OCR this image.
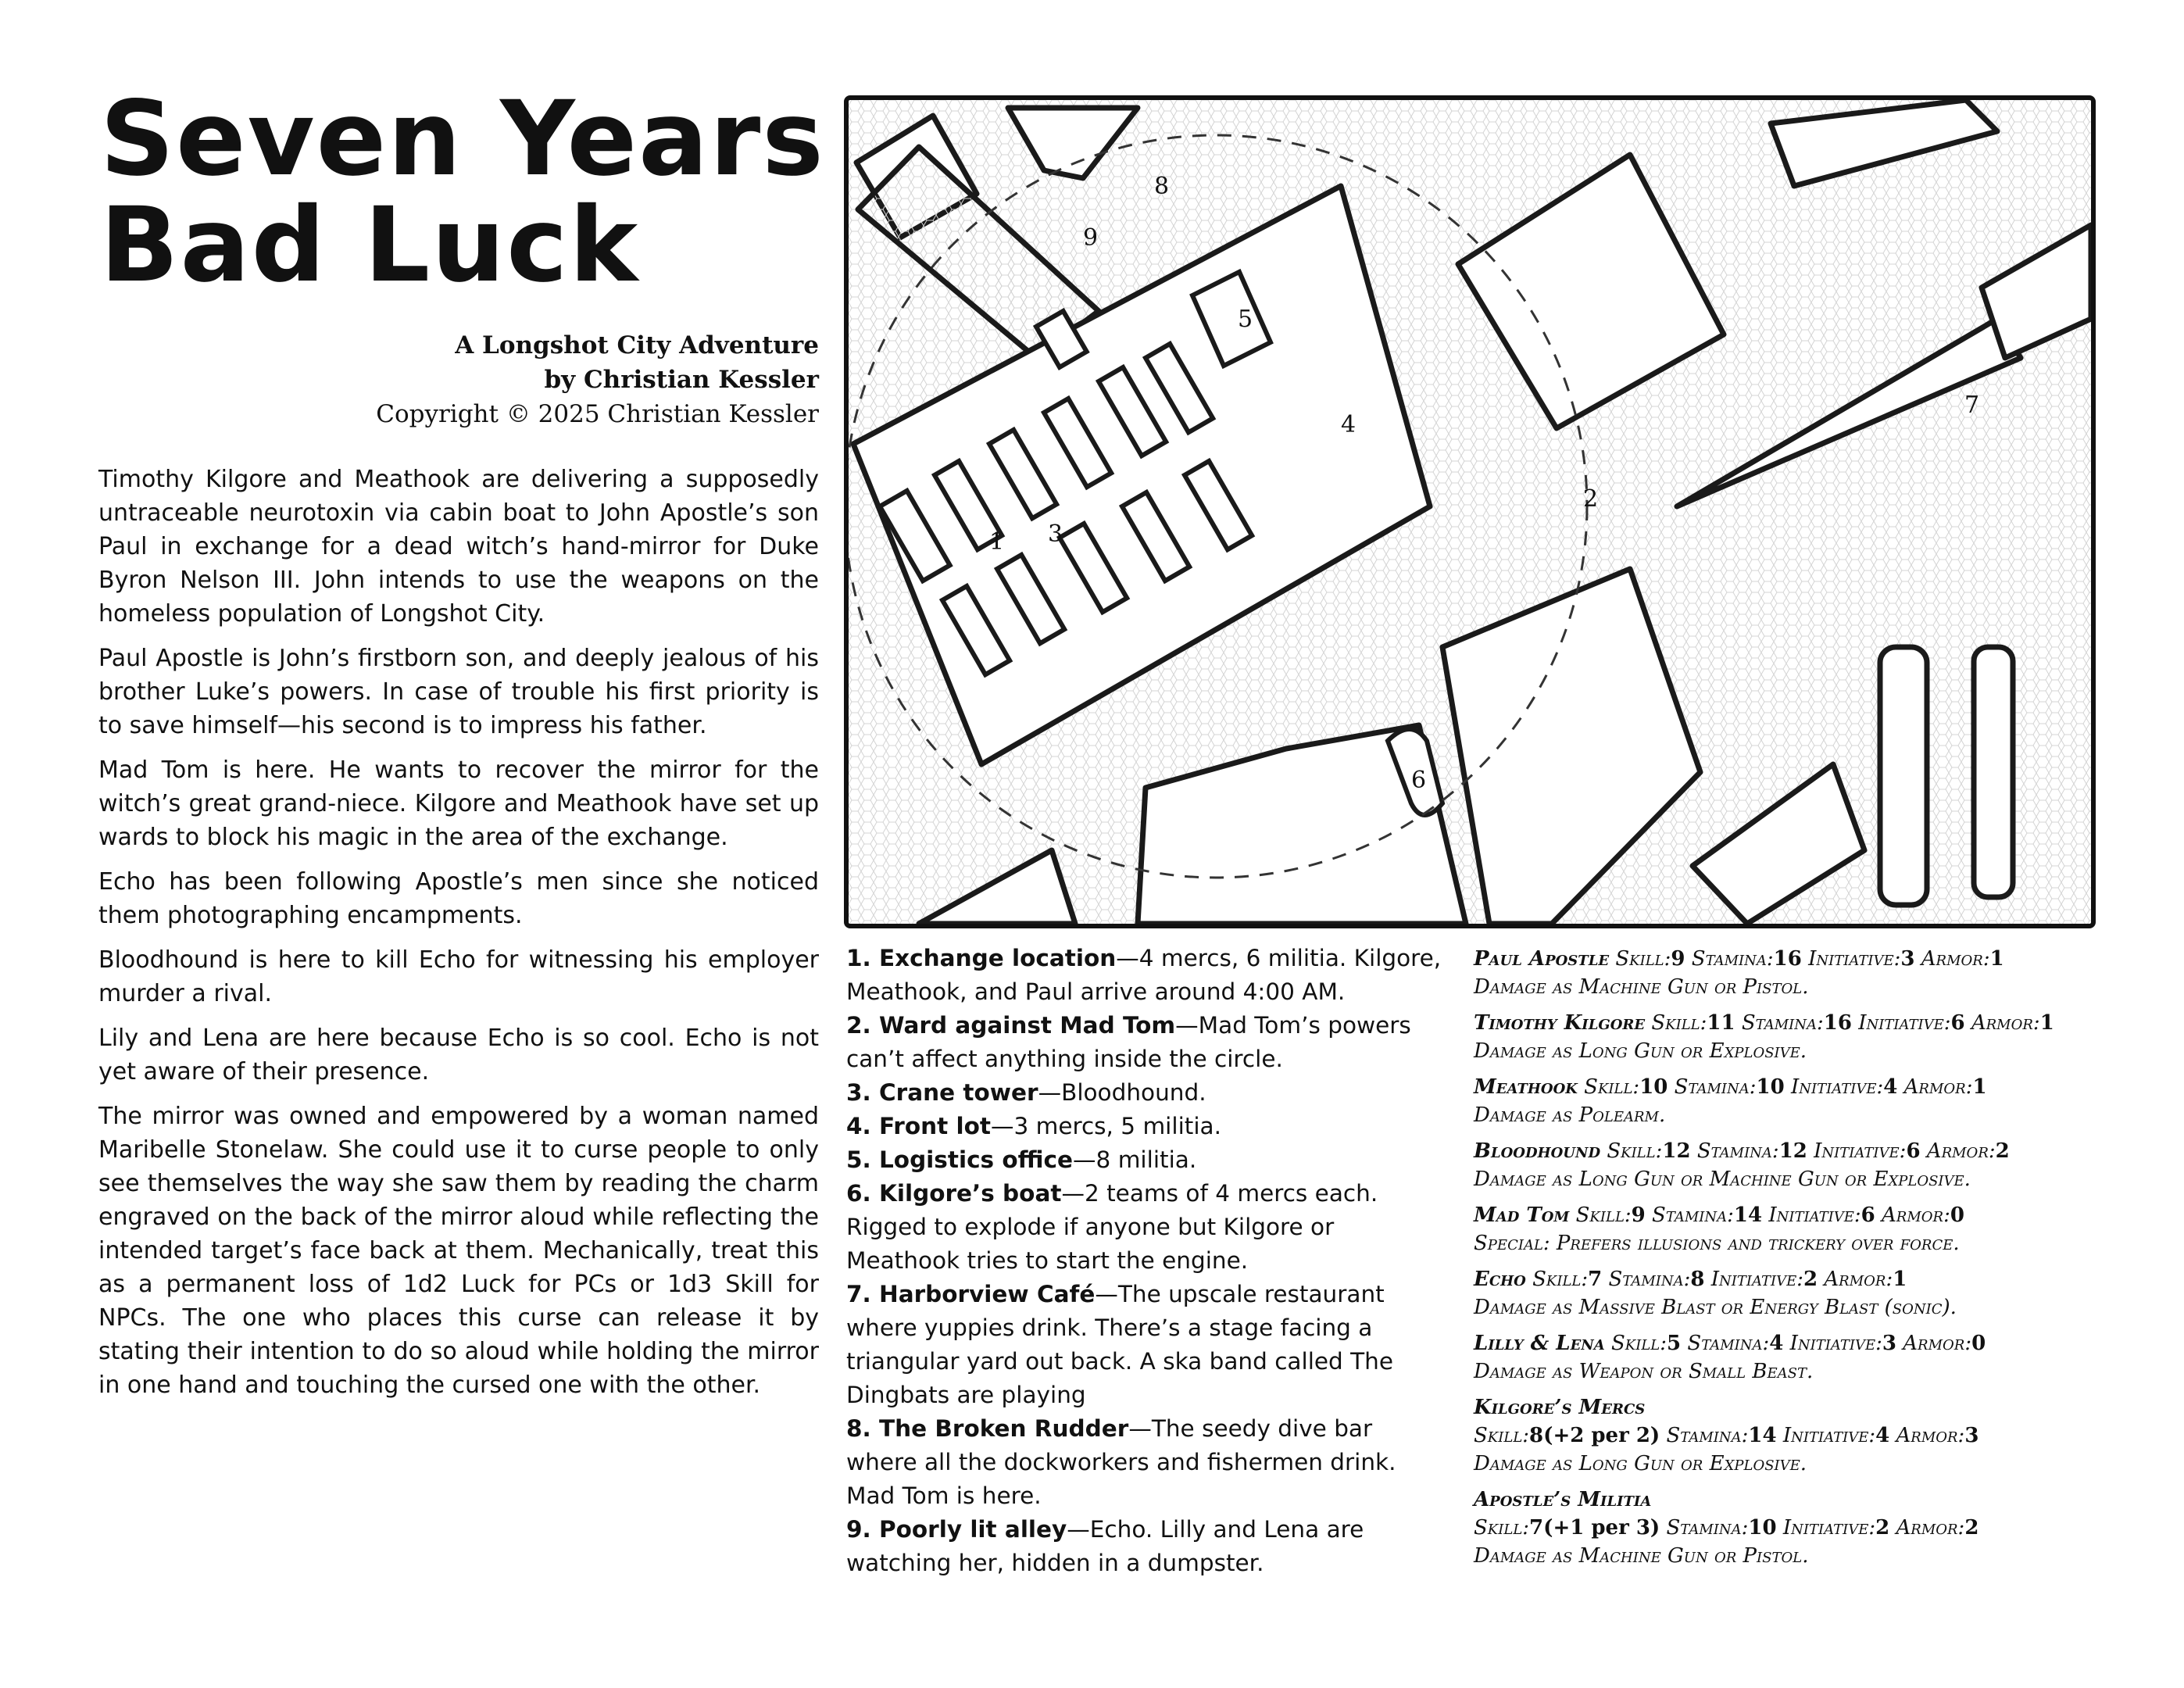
Seven Years
Bad Luck
A Longshot City Adventure
by Christian Kessler
Copyright © 2025 Christian Kessler

Timothy Kilgore and Meathook are delivering a supposedly untraceable neurotoxin via cabin boat to John Apostle’s son Paul in exchange for a dead witch’s hand-mirror for Duke Byron Nelson III. John intends to use the weapons on the homeless population of Longshot City.

Paul Apostle is John’s firstborn son, and deeply jealous of his brother Luke’s powers. In case of trouble his first priority is to save himself—his second is to impress his father.

Mad Tom is here. He wants to recover the mirror for the witch’s great grand-niece. Kilgore and Meathook have set up wards to block his magic in the area of the exchange.

Echo has been following Apostle’s men since she noticed them photographing encampments.

Bloodhound is here to kill Echo for witnessing his employer murder a rival.

Lily and Lena are here because Echo is so cool. Echo is not yet aware of their presence.

The mirror was owned and empowered by a woman named Maribelle Stonelaw. She could use it to curse people to only see themselves the way she saw them by reading the charm engraved on the back of the mirror aloud while reflecting the intended target’s face back at them. Mechanically, treat this as a permanent loss of 1d2 Luck for PCs or 1d3 Skill for NPCs. The one who places this curse can release it by stating their intention to do so aloud while holding the mirror in one hand and touching the cursed one with the other.

1
2
3
4
5
6
7
8
9
1. Exchange location—4 mercs, 6 militia. Kilgore, Meathook, and Paul arrive around 4:00 AM.
2. Ward against Mad Tom—Mad Tom’s powers can’t affect anything inside the circle.
3. Crane tower—Bloodhound.
4. Front lot—3 mercs, 5 militia.
5. Logistics office—8 militia.
6. Kilgore’s boat—2 teams of 4 mercs each. Rigged to explode if anyone but Kilgore or Meathook tries to start the engine.
7. Harborview Café—The upscale restaurant where yuppies drink. There’s a stage facing a triangular yard out back. A ska band called The Dingbats are playing
8. The Broken Rudder—The seedy dive bar where all the dockworkers and fishermen drink. Mad Tom is here.
9. Poorly lit alley—Echo. Lilly and Lena are watching her, hidden in a dumpster.
Paul Apostle Skill:9 Stamina:16 Initiative:3 Armor:1
Damage as Machine Gun or Pistol.
Timothy Kilgore Skill:11 Stamina:16 Initiative:6 Armor:1
Damage as Long Gun or Explosive.
Meathook Skill:10 Stamina:10 Initiative:4 Armor:1
Damage as Polearm.
Bloodhound Skill:12 Stamina:12 Initiative:6 Armor:2
Damage as Long Gun or Machine Gun or Explosive.
Mad Tom Skill:9 Stamina:14 Initiative:6 Armor:0
Special: Prefers illusions and trickery over force.
Echo Skill:7 Stamina:8 Initiative:2 Armor:1
Damage as Massive Blast or Energy Blast (sonic).
Lilly & Lena Skill:5 Stamina:4 Initiative:3 Armor:0
Damage as Weapon or Small Beast.
Kilgore’s Mercs
Skill:8(+2 per 2) Stamina:14 Initiative:4 Armor:3
Damage as Long Gun or Explosive.
Apostle’s Militia
Skill:7(+1 per 3) Stamina:10 Initiative:2 Armor:2
Damage as Machine Gun or Pistol.
